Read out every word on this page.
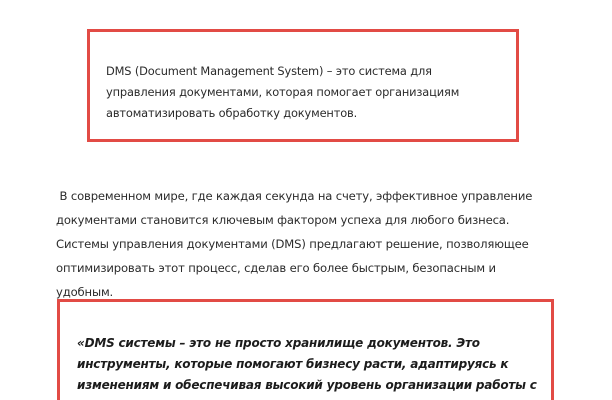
DMS (Document Management System) – это система для
управления документами, которая помогает организациям
автоматизировать обработку документов.
В современном мире, где каждая секунда на счету, эффективное управление
документами становится ключевым фактором успеха для любого бизнеса.
Системы управления документами (DMS) предлагают решение, позволяющее
оптимизировать этот процесс, сделав его более быстрым, безопасным и
удобным.
«DMS системы – это не просто хранилище документов. Это
инструменты, которые помогают бизнесу расти, адаптируясь к
изменениям и обеспечивая высокий уровень организации работы с
